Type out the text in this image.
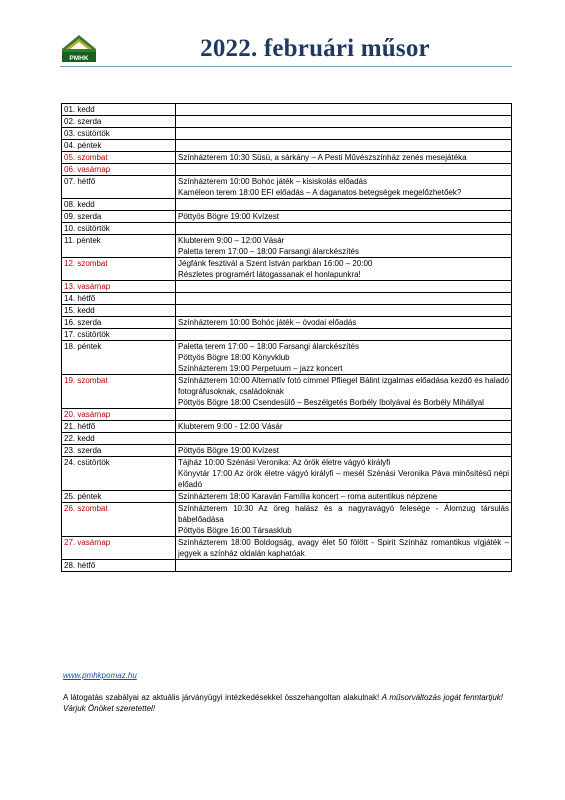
PMHK	2022. februári műsor
01. kedd	
02. szerda	
03. csütörtök	
04. péntek	
05. szombat	Színházterem 10:30 Süsü, a sárkány – A Pesti Művészszínház zenés mesejátéka

06. vasárnap	
07. hétfő	Színházterem 10:00 Bohóc játék – kisiskolás előadás
Kaméleon terem 18:00 EFI előadás – A daganatos betegségek megelőzhetőek?

08. kedd	
09. szerda	Pöttyös Bögre 19:00 Kvízest

10. csütörtök	
11. péntek	Klubterem 9:00 – 12:00 Vásár
Paletta terem 17:00 – 18:00 Farsangi álarckészítés

12. szombat	Jégfánk fesztivál a Szent István parkban 16:00 – 20:00
Részletes programért látogassanak el honlapunkra!

13. vasárnap	
14. hétfő	
15. kedd	
16. szerda	Színházterem 10:00 Bohóc játék – óvodai előadás

17. csütörtök	
18. péntek	Paletta terem 17:00 – 18:00 Farsangi álarckészítés
Pöttyös Bögre 18:00 Könyvklub
Színházterem 19:00 Perpetuum – jazz koncert

19. szombat	Színházterem 10:00 Alternatív fotó címmel Pfliegel Bálint izgalmas előadása kezdő és haladó fotográfusoknak, családoknak
Pöttyös Bögre 18:00 Csendesülő – Beszélgetés Borbély Ibolyával és Borbély Mihállyal

20. vasárnap	
21. hétfő	Klubterem 9:00 - 12:00 Vásár

22. kedd	
23. szerda	Pöttyös Bögre 19:00 Kvízest

24. csütörtök	Tájház 10:00 Szénási Veronika: Az örök életre vágyó királyfi
Könyvtár 17:00 Az örök életre vágyó királyfi – mesél Szénási Veronika Páva minősítésű népi előadó

25. péntek	Színházterem 18:00 Karaván Família koncert – roma autentikus népzene

26. szombat	Színházterem 10:30 Az öreg halász és a nagyravágyó felesége - Álomzug társulás bábelőadása
Pöttyös Bögre 16:00 Társasklub

27. vasárnap	Színházterem 18:00 Boldogság, avagy élet 50 fölött - Spirit Színház romantikus vígjáték – jegyek a színház oldalán kaphatóak

28. hétfő	
www.pmhkpomaz.hu
A látogatás szabályai az aktuális járványügyi intézkedésekkel összehangoltan alakulnak! A műsorváltozás jogát fenntartjuk! Várjuk Önöket szeretettel!
